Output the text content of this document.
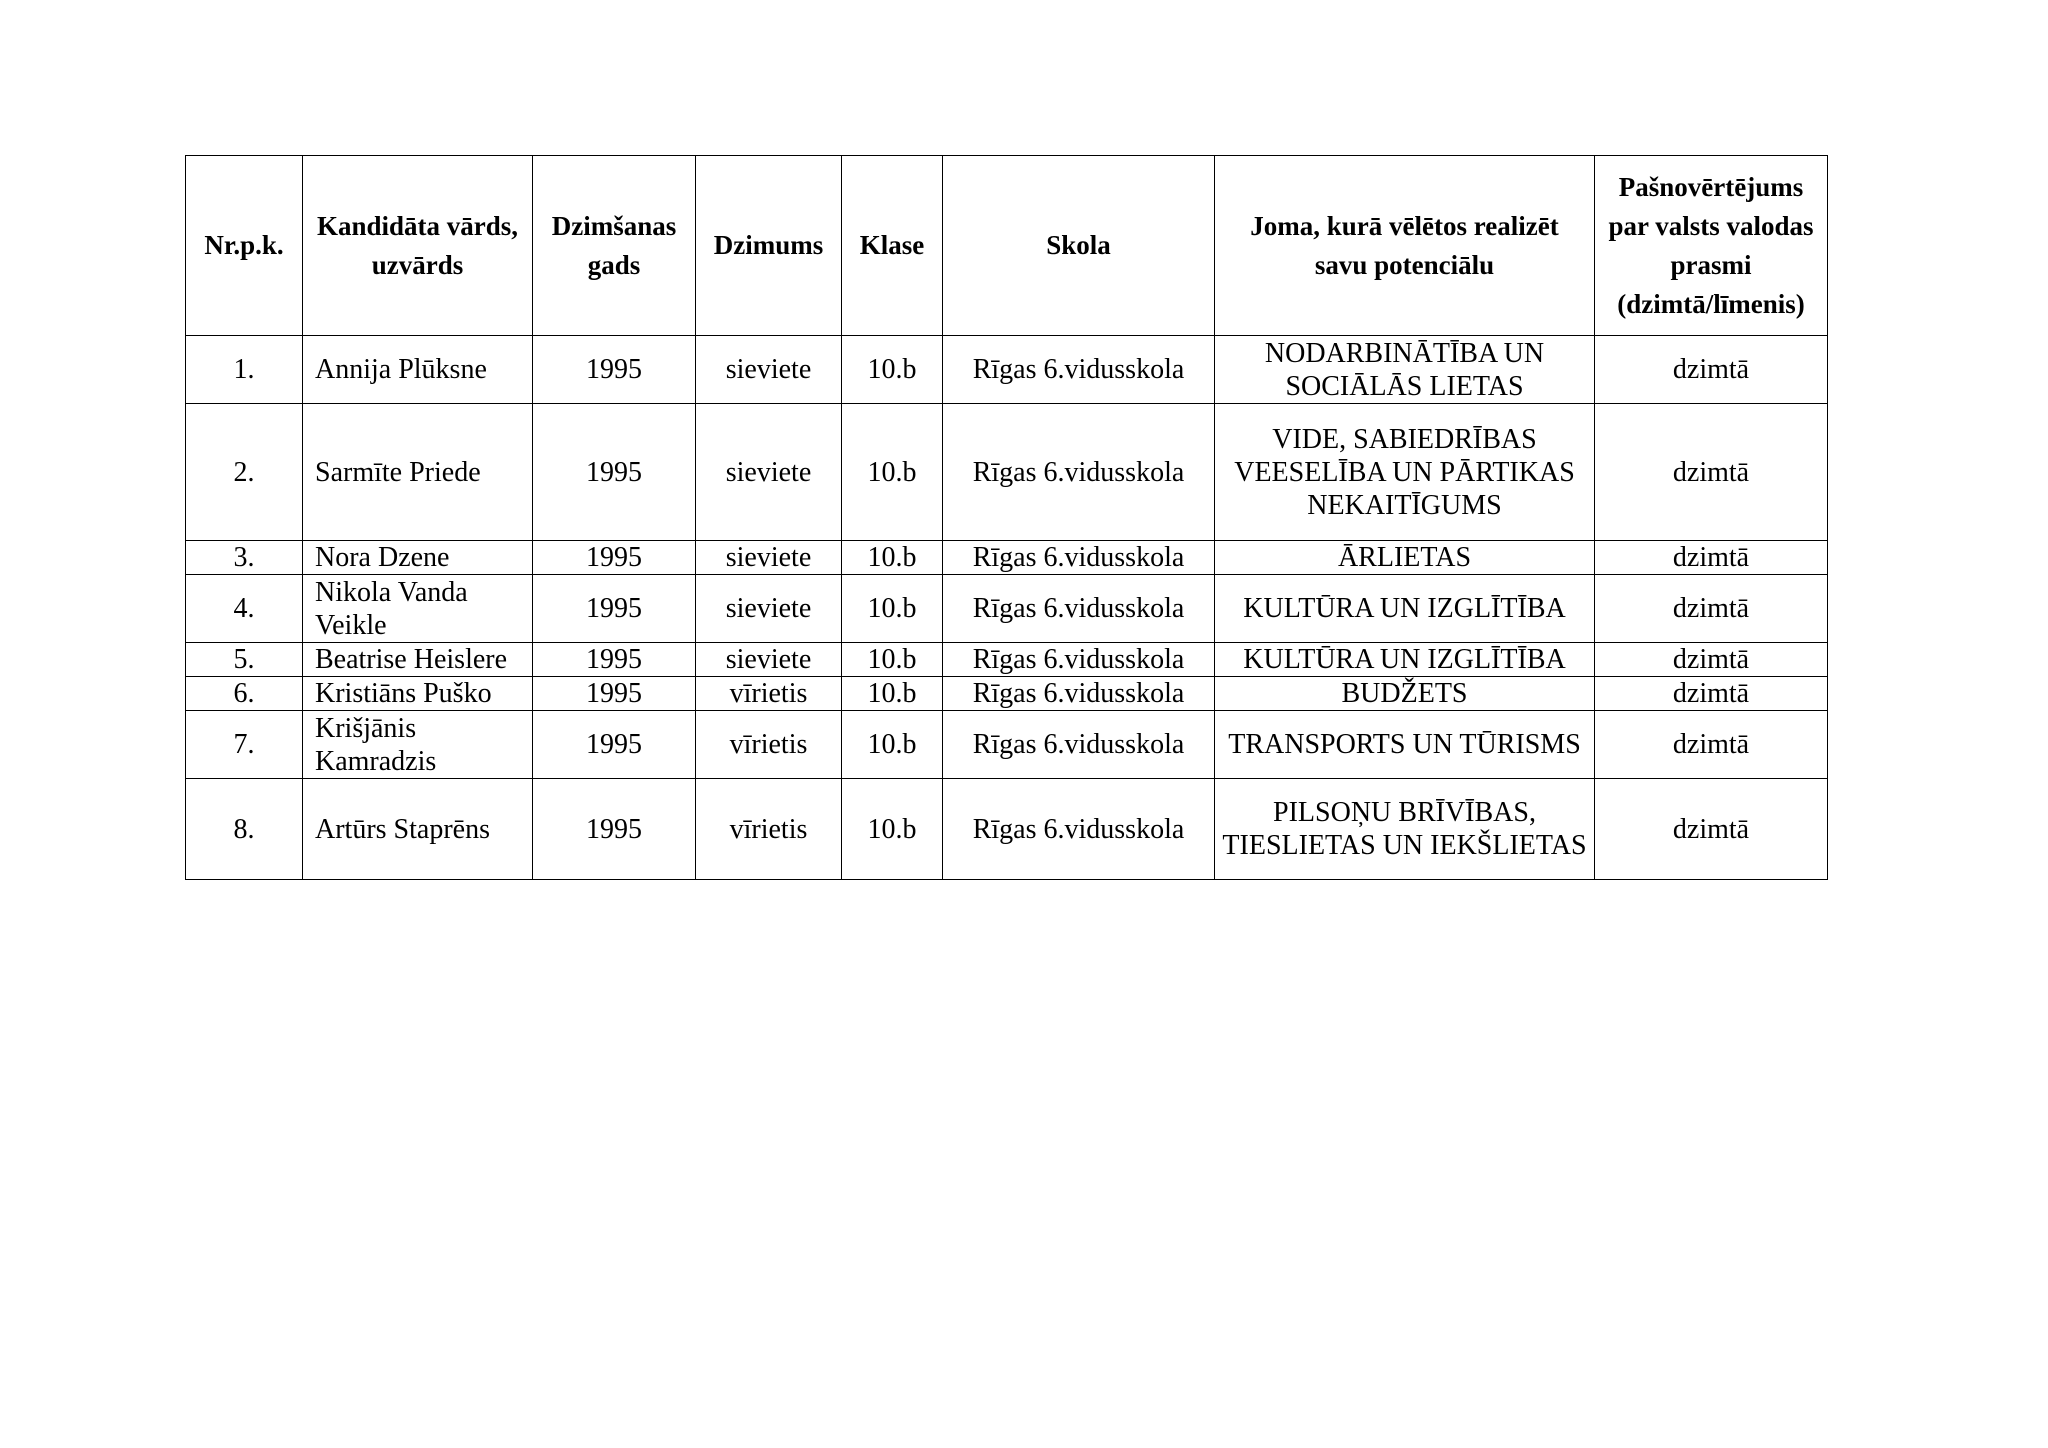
Nr.p.k.	Kandidāta vārds, uzvārds	Dzimšanas gads	Dzimums	Klase	Skola	Joma, kurā vēlētos realizēt savu potenciālu	Pašnovērtējums par valsts valodas prasmi (dzimtā/līmenis)
1.	Annija Plūksne	1995	sieviete	10.b	Rīgas 6.vidusskola	NODARBINĀTĪBA UN SOCIĀLĀS LIETAS	dzimtā
2.	Sarmīte Priede	1995	sieviete	10.b	Rīgas 6.vidusskola	VIDE, SABIEDRĪBAS VEESELĪBA UN PĀRTIKAS NEKAITĪGUMS	dzimtā
3.	Nora Dzene	1995	sieviete	10.b	Rīgas 6.vidusskola	ĀRLIETAS	dzimtā
4.	Nikola Vanda Veikle	1995	sieviete	10.b	Rīgas 6.vidusskola	KULTŪRA UN IZGLĪTĪBA	dzimtā
5.	Beatrise Heislere	1995	sieviete	10.b	Rīgas 6.vidusskola	KULTŪRA UN IZGLĪTĪBA	dzimtā
6.	Kristiāns Puško	1995	vīrietis	10.b	Rīgas 6.vidusskola	BUDŽETS	dzimtā
7.	Krišjānis Kamradzis	1995	vīrietis	10.b	Rīgas 6.vidusskola	TRANSPORTS UN TŪRISMS	dzimtā
8.	Artūrs Staprēns	1995	vīrietis	10.b	Rīgas 6.vidusskola	PILSOŅU BRĪVĪBAS, TIESLIETAS UN IEKŠLIETAS	dzimtā
